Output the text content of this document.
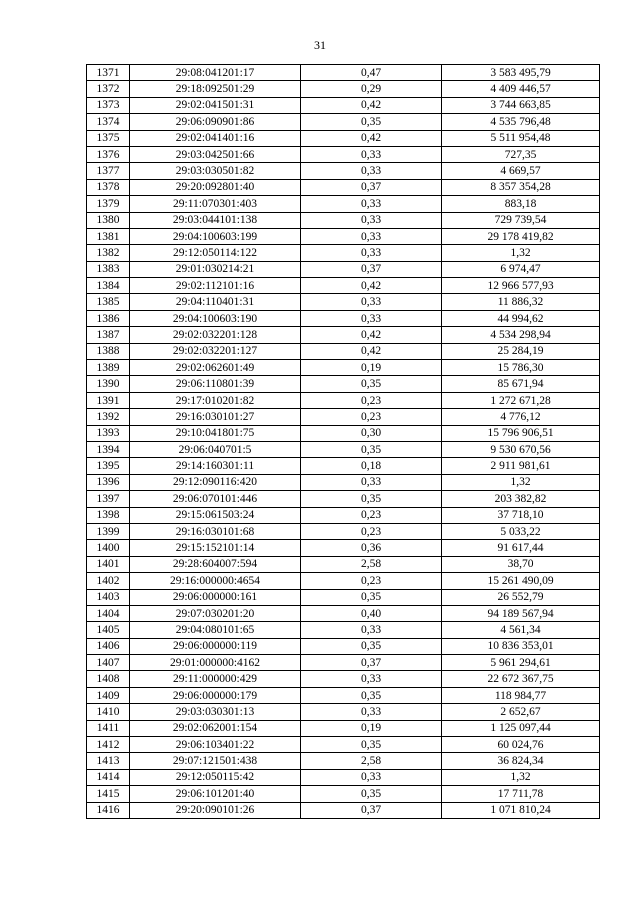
31
1371	29:08:041201:17	0,47	3 583 495,79
1372	29:18:092501:29	0,29	4 409 446,57
1373	29:02:041501:31	0,42	3 744 663,85
1374	29:06:090901:86	0,35	4 535 796,48
1375	29:02:041401:16	0,42	5 511 954,48
1376	29:03:042501:66	0,33	727,35
1377	29:03:030501:82	0,33	4 669,57
1378	29:20:092801:40	0,37	8 357 354,28
1379	29:11:070301:403	0,33	883,18
1380	29:03:044101:138	0,33	729 739,54
1381	29:04:100603:199	0,33	29 178 419,82
1382	29:12:050114:122	0,33	1,32
1383	29:01:030214:21	0,37	6 974,47
1384	29:02:112101:16	0,42	12 966 577,93
1385	29:04:110401:31	0,33	11 886,32
1386	29:04:100603:190	0,33	44 994,62
1387	29:02:032201:128	0,42	4 534 298,94
1388	29:02:032201:127	0,42	25 284,19
1389	29:02:062601:49	0,19	15 786,30
1390	29:06:110801:39	0,35	85 671,94
1391	29:17:010201:82	0,23	1 272 671,28
1392	29:16:030101:27	0,23	4 776,12
1393	29:10:041801:75	0,30	15 796 906,51
1394	29:06:040701:5	0,35	9 530 670,56
1395	29:14:160301:11	0,18	2 911 981,61
1396	29:12:090116:420	0,33	1,32
1397	29:06:070101:446	0,35	203 382,82
1398	29:15:061503:24	0,23	37 718,10
1399	29:16:030101:68	0,23	5 033,22
1400	29:15:152101:14	0,36	91 617,44
1401	29:28:604007:594	2,58	38,70
1402	29:16:000000:4654	0,23	15 261 490,09
1403	29:06:000000:161	0,35	26 552,79
1404	29:07:030201:20	0,40	94 189 567,94
1405	29:04:080101:65	0,33	4 561,34
1406	29:06:000000:119	0,35	10 836 353,01
1407	29:01:000000:4162	0,37	5 961 294,61
1408	29:11:000000:429	0,33	22 672 367,75
1409	29:06:000000:179	0,35	118 984,77
1410	29:03:030301:13	0,33	2 652,67
1411	29:02:062001:154	0,19	1 125 097,44
1412	29:06:103401:22	0,35	60 024,76
1413	29:07:121501:438	2,58	36 824,34
1414	29:12:050115:42	0,33	1,32
1415	29:06:101201:40	0,35	17 711,78
1416	29:20:090101:26	0,37	1 071 810,24
